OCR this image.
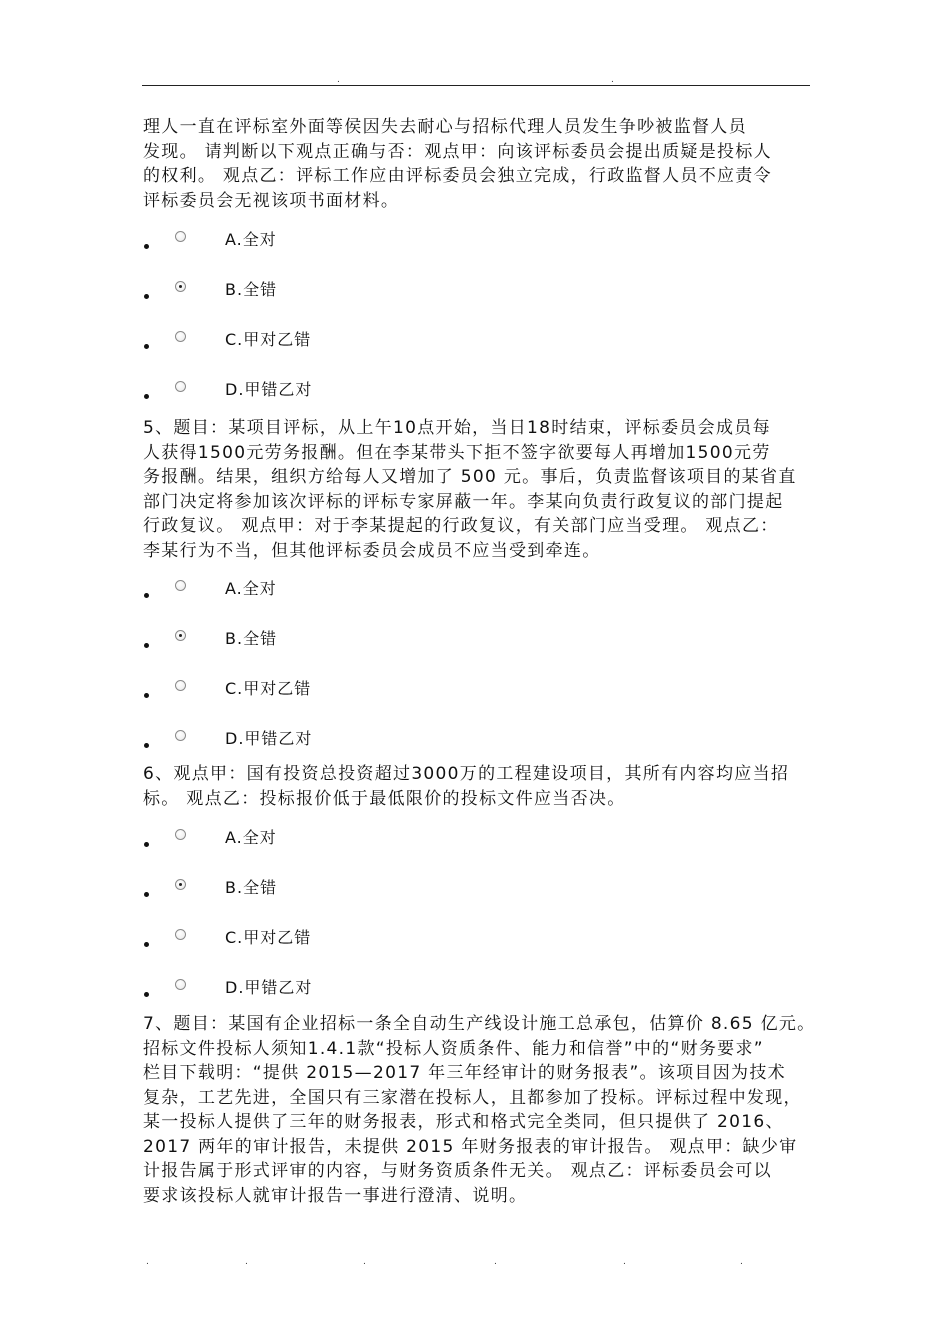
.	.

理人一直在评标室外面等侯因失去耐心与招标代理人员发生争吵被监督人员
发现。 请判断以下观点正确与否：观点甲：向该评标委员会提出质疑是投标人
的权利。 观点乙：评标工作应由评标委员会独立完成，行政监督人员不应责令
评标委员会无视该项书面材料。

A.全对
B.全错
C.甲对乙错
D.甲错乙对

5、题目：某项目评标，从上午10点开始，当日18时结束，评标委员会成员每
人获得1500元劳务报酬。但在李某带头下拒不签字欲要每人再增加1500元劳
务报酬。结果，组织方给每人又增加了 500 元。事后，负责监督该项目的某省直
部门决定将参加该次评标的评标专家屏蔽一年。李某向负责行政复议的部门提起
行政复议。 观点甲：对于李某提起的行政复议，有关部门应当受理。 观点乙：
李某行为不当，但其他评标委员会成员不应当受到牵连。

A.全对
B.全错
C.甲对乙错
D.甲错乙对

6、观点甲：国有投资总投资超过3000万的工程建设项目，其所有内容均应当招
标。 观点乙：投标报价低于最低限价的投标文件应当否决。

A.全对
B.全错
C.甲对乙错
D.甲错乙对

7、题目：某国有企业招标一条全自动生产线设计施工总承包，估算价 8.65 亿元。
招标文件投标人须知1.4.1款“投标人资质条件、能力和信誉”中的“财务要求”
栏目下载明：“提供 2015—2017 年三年经审计的财务报表”。该项目因为技术
复杂，工艺先进，全国只有三家潜在投标人，且都参加了投标。评标过程中发现，
某一投标人提供了三年的财务报表，形式和格式完全类同，但只提供了 2016、
2017 两年的审计报告，未提供 2015 年财务报表的审计报告。 观点甲：缺少审
计报告属于形式评审的内容，与财务资质条件无关。 观点乙：评标委员会可以
要求该投标人就审计报告一事进行澄清、说明。

.	.	.	.	.	.
